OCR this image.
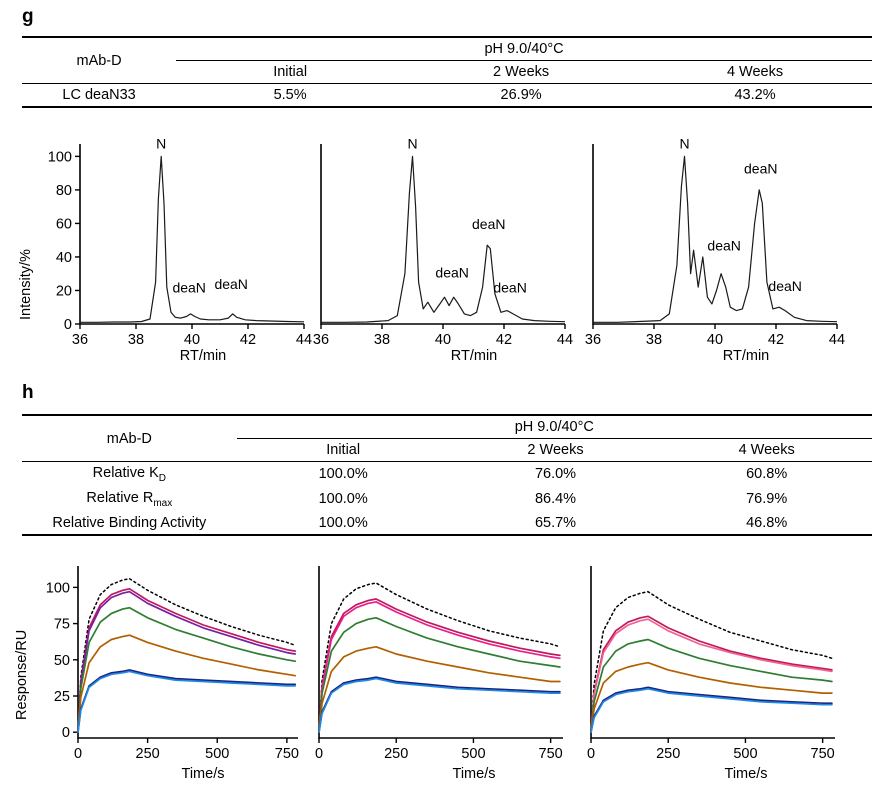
g
mAb-D	pH 9.0/40°C		
	Initial	2 Weeks	4 Weeks
LC deaN33	5.5%	26.9%	43.2%
Intensity/%
36	38	40	42	44
0
20
40
60
80
100
N
deaN deaN
36	38	40	42	44
N
deaN
deaN
deaN
36	38	40	42	44
N
deaN
deaN
deaN
RT/min	RT/min	RT/min
h
mAb-D	pH 9.0/40°C		
	Initial	2 Weeks	4 Weeks
Relative $K_D$	100.0%	76.0%	60.8%
Relative $R_{max}$	100.0%	86.4%	76.9%
Relative Binding Activity	100.0%	65.7%	46.8%
Response/RU
0	250	500	750
0
25
50
75
100
0	250	500	750 0	250	500	750
Time/s	Time/s	Time/s
